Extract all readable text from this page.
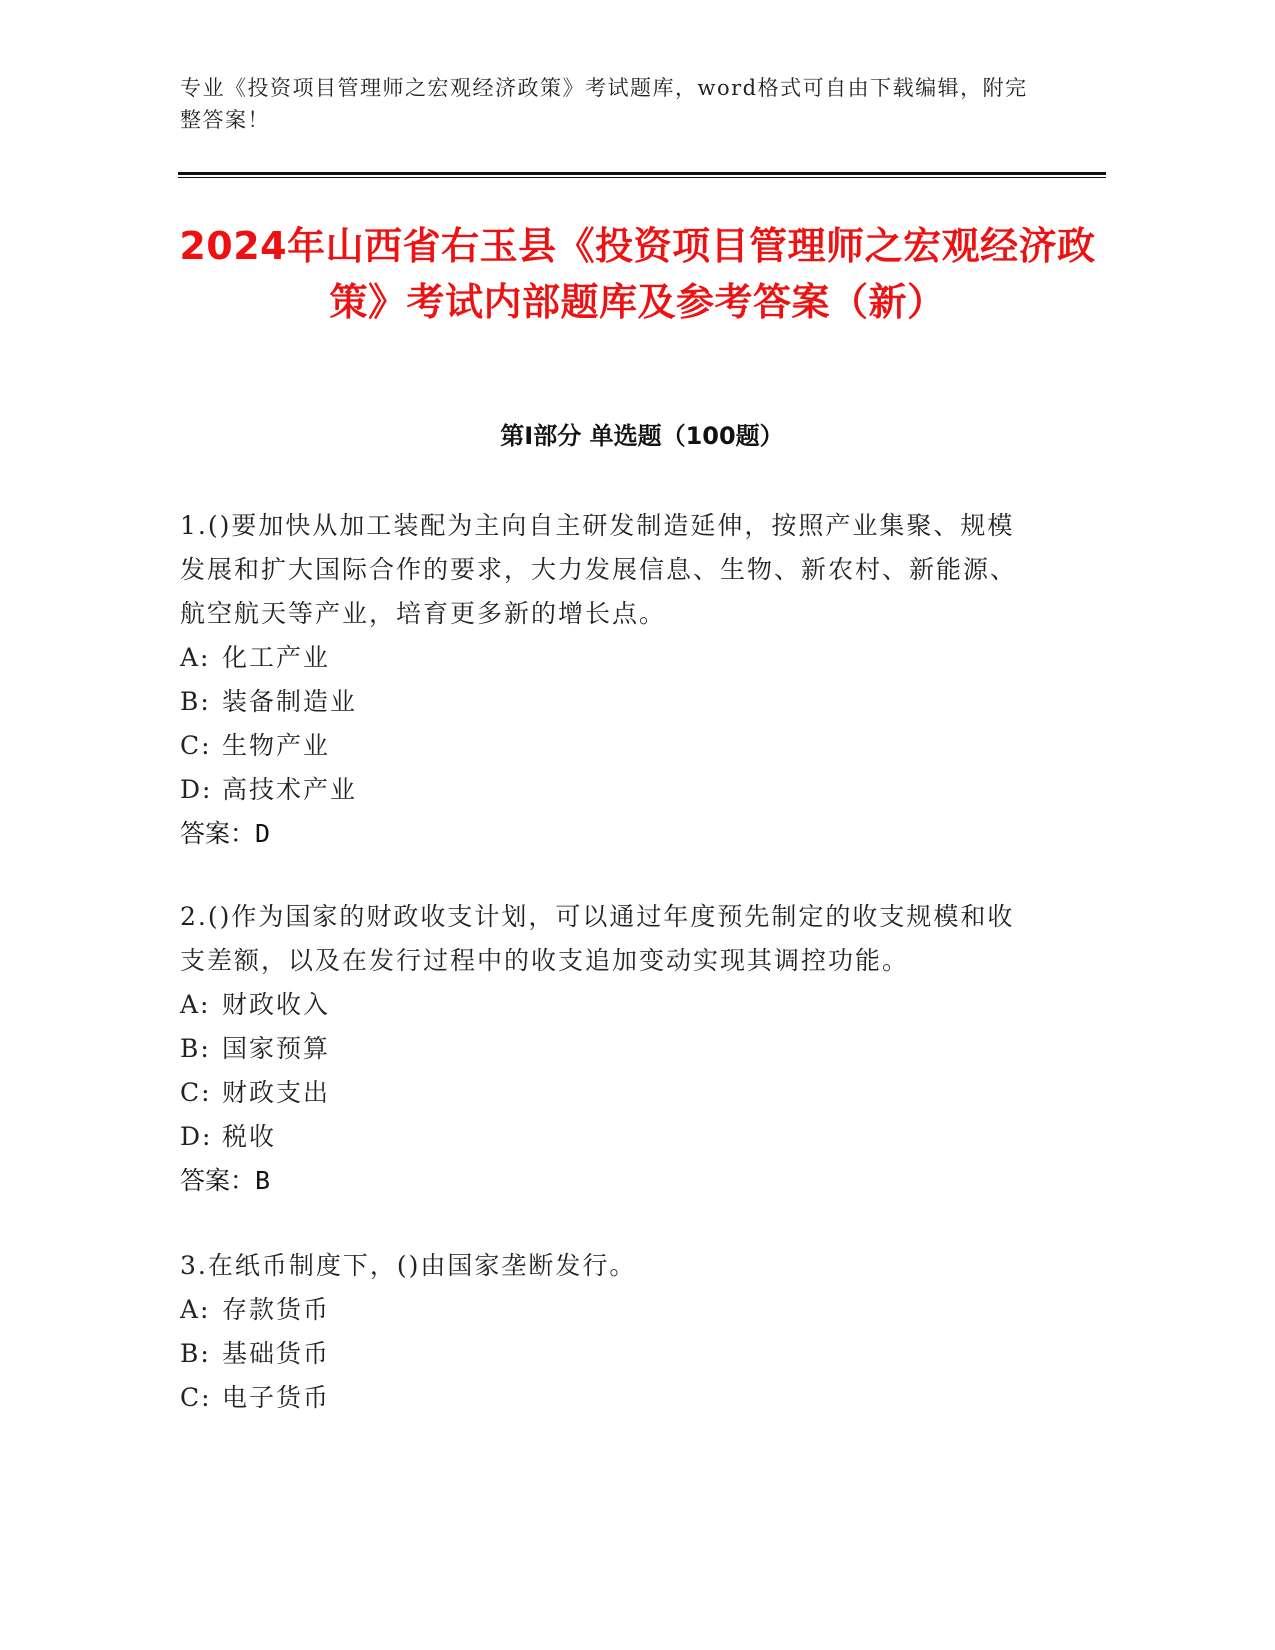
专业《投资项目管理师之宏观经济政策》考试题库，word格式可自由下载编辑，附完整答案！
2024年山西省右玉县《投资项目管理师之宏观经济政策》考试内部题库及参考答案（新）
第Ⅰ部分 单选题（100题）

1.()要加快从加工装配为主向自主研发制造延伸，按照产业集聚、规模发展和扩大国际合作的要求，大力发展信息、生物、新农村、新能源、航空航天等产业，培育更多新的增长点。

A: 化工产业
B: 装备制造业
C: 生物产业
D: 高技术产业
答案：D

2.()作为国家的财政收支计划，可以通过年度预先制定的收支规模和收支差额，以及在发行过程中的收支追加变动实现其调控功能。

A: 财政收入
B: 国家预算
C: 财政支出
D: 税收
答案：B

3.在纸币制度下，()由国家垄断发行。

A: 存款货币
B: 基础货币
C: 电子货币
